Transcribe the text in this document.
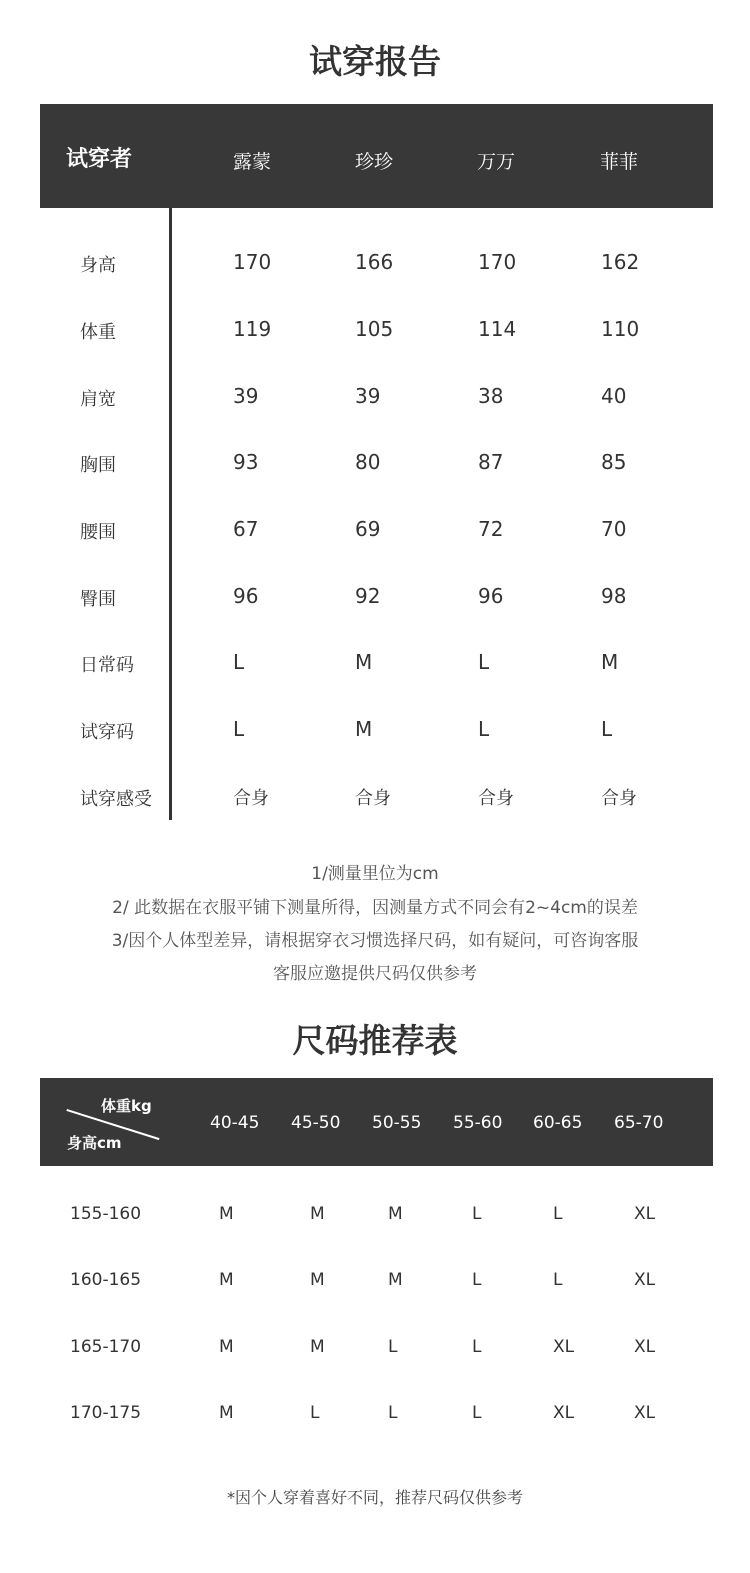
试穿报告
试穿者	露蒙	珍珍	万万	菲菲
身高	170	166	170	162
体重	119	105	114	110
肩宽	39	39	38	40
胸围	93	80	87	85
腰围	67	69	72	70
臀围	96	92	96	98
日常码	L	M	L	M
试穿码	L	M	L	L
试穿感受	合身	合身	合身	合身

1/测量里位为cm

2/ 此数据在衣服平铺下测量所得，因测量方式不同会有2~4cm的误差

3/因个人体型差异，请根据穿衣习惯选择尺码，如有疑问，可咨询客服

客服应邀提供尺码仅供参考

尺码推荐表
体重kg
身高cm
40-45 45-50 50-55 55-60 60-65 65-70
155-160	M	M	M	L	L	XL
160-165	M	M	M	L	L	XL
165-170	M	M	L	L	XL	XL
170-175	M	L	L	L	XL	XL

*因个人穿着喜好不同，推荐尺码仅供参考
